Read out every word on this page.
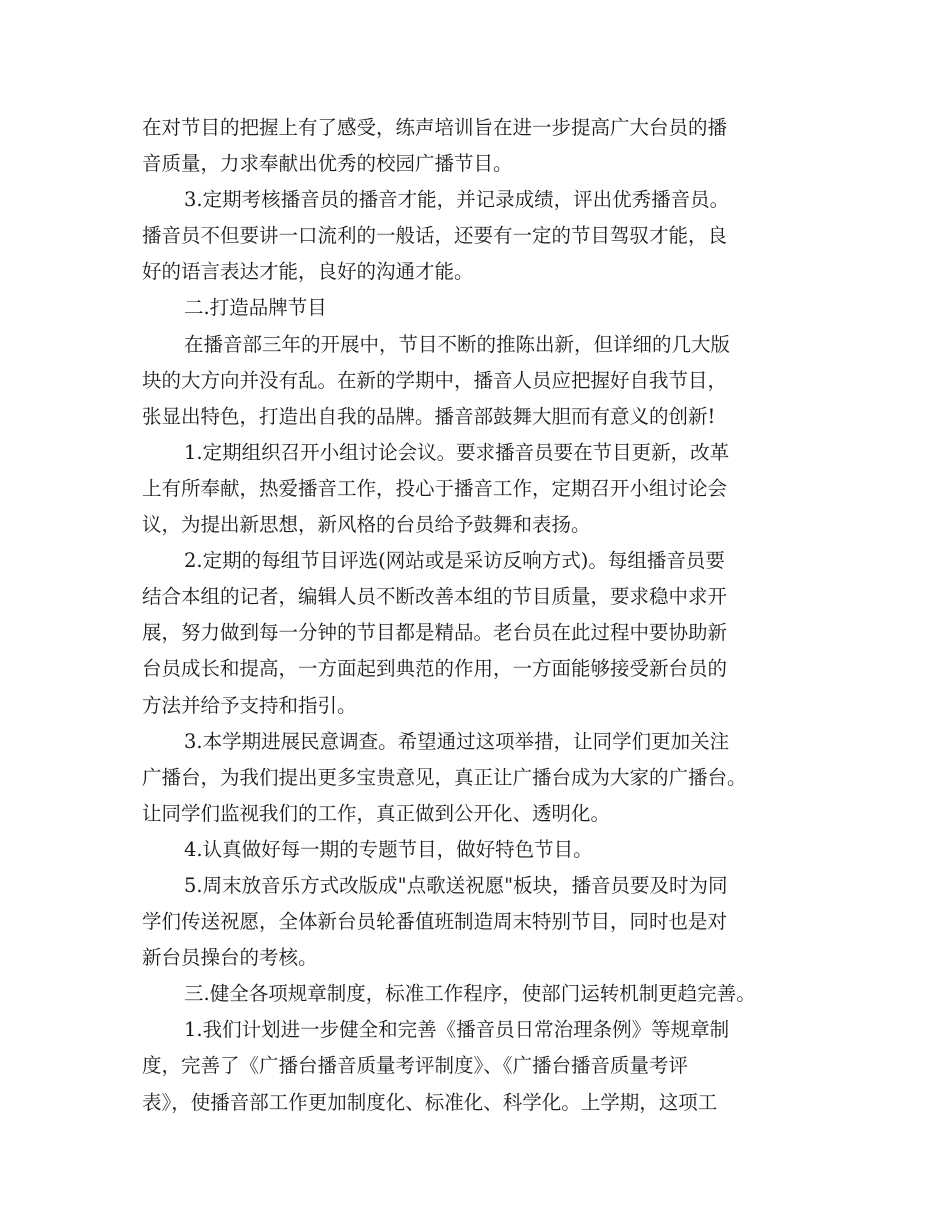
在对节目的把握上有了感受，练声培训旨在进一步提高广大台员的播
音质量，力求奉献出优秀的校园广播节目。
3.定期考核播音员的播音才能，并记录成绩，评出优秀播音员。
播音员不但要讲一口流利的一般话，还要有一定的节目驾驭才能，良
好的语言表达才能，良好的沟通才能。
二.打造品牌节目
在播音部三年的开展中，节目不断的推陈出新，但详细的几大版
块的大方向并没有乱。在新的学期中，播音人员应把握好自我节目，
张显出特色，打造出自我的品牌。播音部鼓舞大胆而有意义的创新!
1.定期组织召开小组讨论会议。要求播音员要在节目更新，改革
上有所奉献，热爱播音工作，投心于播音工作，定期召开小组讨论会
议，为提出新思想，新风格的台员给予鼓舞和表扬。
2.定期的每组节目评选(网站或是采访反响方式)。每组播音员要
结合本组的记者，编辑人员不断改善本组的节目质量，要求稳中求开
展，努力做到每一分钟的节目都是精品。老台员在此过程中要协助新
台员成长和提高，一方面起到典范的作用，一方面能够接受新台员的
方法并给予支持和指引。
3.本学期进展民意调查。希望通过这项举措，让同学们更加关注
广播台，为我们提出更多宝贵意见，真正让广播台成为大家的广播台。
让同学们监视我们的工作，真正做到公开化、透明化。
4.认真做好每一期的专题节目，做好特色节目。
5.周末放音乐方式改版成"点歌送祝愿"板块，播音员要及时为同
学们传送祝愿，全体新台员轮番值班制造周末特别节目，同时也是对
新台员操台的考核。
三.健全各项规章制度，标准工作程序，使部门运转机制更趋完善。
1.我们计划进一步健全和完善《播音员日常治理条例》等规章制
度，完善了《广播台播音质量考评制度》、《广播台播音质量考评
表》，使播音部工作更加制度化、标准化、科学化。上学期，这项工
